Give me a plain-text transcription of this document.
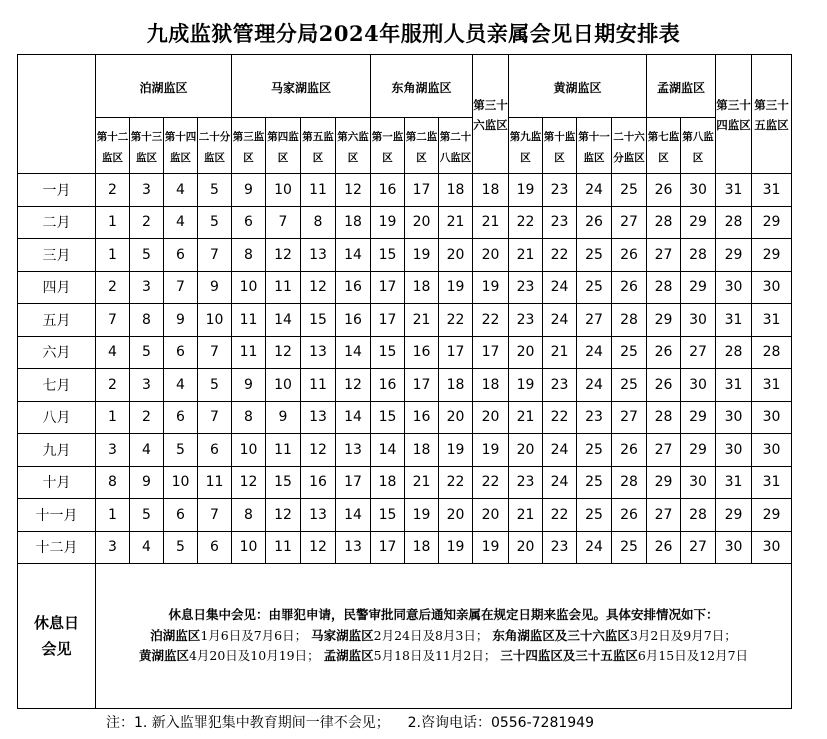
九成监狱管理分局2024年服刑人员亲属会见日期安排表
	泊湖监区				马家湖监区				东角湖监区			第三十六监区	黄湖监区				孟湖监区		第三十四监区	第三十五监区
	第十二监区	第十三监区	第十四监区	二十分监区	第三监区	第四监区	第五监区	第六监区	第一监区	第二监区	第二十八监区		第九监区	第十监区	第十一监区	二十六分监区	第七监区	第八监区		
一月	2	3	4	5	9	10	11	12	16	17	18	18	19	23	24	25	26	30	31	31
二月	1	2	4	5	6	7	8	18	19	20	21	21	22	23	26	27	28	29	28	29
三月	1	5	6	7	8	12	13	14	15	19	20	20	21	22	25	26	27	28	29	29
四月	2	3	7	9	10	11	12	16	17	18	19	19	23	24	25	26	28	29	30	30
五月	7	8	9	10	11	14	15	16	17	21	22	22	23	24	27	28	29	30	31	31
六月	4	5	6	7	11	12	13	14	15	16	17	17	20	21	24	25	26	27	28	28
七月	2	3	4	5	9	10	11	12	16	17	18	18	19	23	24	25	26	30	31	31
八月	1	2	6	7	8	9	13	14	15	16	20	20	21	22	23	27	28	29	30	30
九月	3	4	5	6	10	11	12	13	14	18	19	19	20	24	25	26	27	29	30	30
十月	8	9	10	11	12	15	16	17	18	21	22	22	23	24	25	28	29	30	31	31
十一月	1	5	6	7	8	12	13	14	15	19	20	20	21	22	25	26	27	28	29	29
十二月	3	4	5	6	10	11	12	13	17	18	19	19	20	23	24	25	26	27	30	30
休息日会见	休息日集中会见：由罪犯申请，民警审批同意后通知亲属在规定日期来监会见。具体安排情况如下：
泊湖监区1月6日及7月6日； 马家湖监区2月24日及8月3日； 东角湖监区及三十六监区3月2日及9月7日；
黄湖监区4月20日及10月19日； 孟湖监区5月18日及11月2日； 三十四监区及三十五监区6月15日及12月7日																			
注：1. 新入监罪犯集中教育期间一律不会见；    2.咨询电话：0556-7281949
